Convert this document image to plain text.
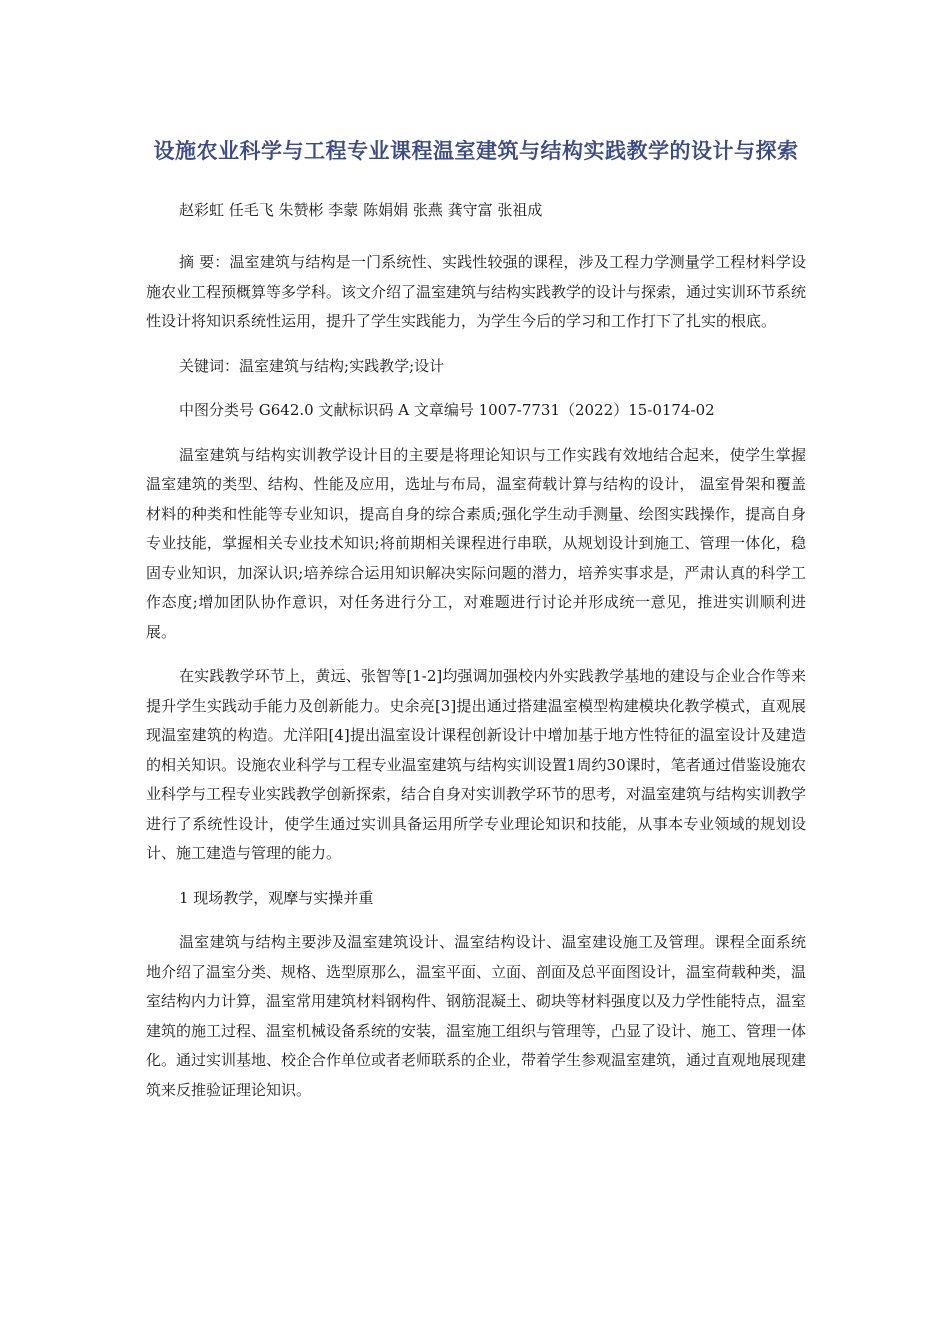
设施农业科学与工程专业课程温室建筑与结构实践教学的设计与探索

赵彩虹 任毛飞 朱赞彬 李蒙 陈娟娟 张燕 龚守富 张祖成

摘 要：温室建筑与结构是一门系统性、实践性较强的课程，涉及工程力学测量学工程材料学设施农业工程预概算等多学科。该文介绍了温室建筑与结构实践教学的设计与探索，通过实训环节系统性设计将知识系统性运用，提升了学生实践能力，为学生今后的学习和工作打下了扎实的根底。

关键词：温室建筑与结构;实践教学;设计

中图分类号 G642.0 文献标识码 A 文章编号 1007-7731（2022）15-0174-02

温室建筑与结构实训教学设计目的主要是将理论知识与工作实践有效地结合起来，使学生掌握温室建筑的类型、结构、性能及应用，选址与布局，温室荷载计算与结构的设计， 温室骨架和覆盖材料的种类和性能等专业知识，提高自身的综合素质;强化学生动手测量、绘图实践操作，提高自身专业技能，掌握相关专业技术知识;将前期相关课程进行串联，从规划设计到施工、管理一体化，稳固专业知识，加深认识;培养综合运用知识解决实际问题的潜力，培养实事求是，严肃认真的科学工作态度;增加团队协作意识，对任务进行分工，对难题进行讨论并形成统一意见，推进实训顺利进展。

在实践教学环节上，黄远、张智等[1-2]均强调加强校内外实践教学基地的建设与企业合作等来提升学生实践动手能力及创新能力。史余亮[3]提出通过搭建温室模型构建模块化教学模式，直观展现温室建筑的构造。尤洋阳[4]提出温室设计课程创新设计中增加基于地方性特征的温室设计及建造的相关知识。设施农业科学与工程专业温室建筑与结构实训设置1周约30课时，笔者通过借鉴设施农业科学与工程专业实践教学创新探索，结合自身对实训教学环节的思考，对温室建筑与结构实训教学进行了系统性设计，使学生通过实训具备运用所学专业理论知识和技能，从事本专业领域的规划设计、施工建造与管理的能力。

1 现场教学，观摩与实操并重

温室建筑与结构主要涉及温室建筑设计、温室结构设计、温室建设施工及管理。课程全面系统地介绍了温室分类、规格、选型原那么，温室平面、立面、剖面及总平面图设计，温室荷载种类，温室结构内力计算，温室常用建筑材料钢构件、钢筋混凝土、砌块等材料强度以及力学性能特点，温室建筑的施工过程、温室机械设备系统的安装，温室施工组织与管理等，凸显了设计、施工、管理一体化。通过实训基地、校企合作单位或者老师联系的企业，带着学生参观温室建筑，通过直观地展现建筑来反推验证理论知识。
